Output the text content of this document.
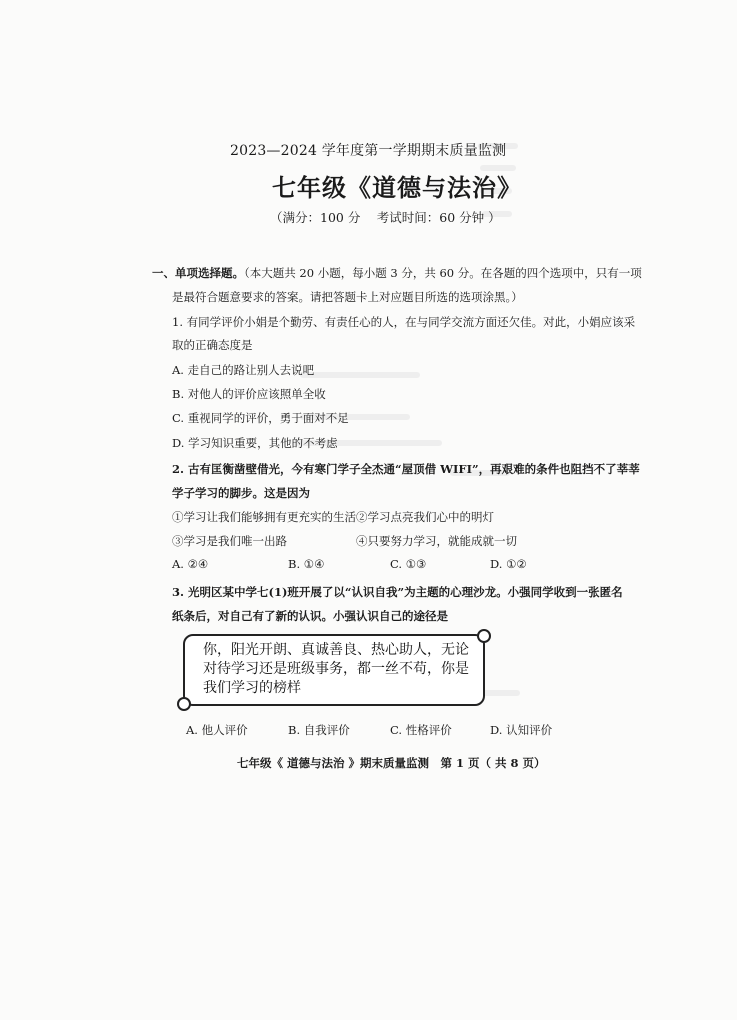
2023—2024 学年度第一学期期末质量监测
七年级《道德与法治》
（满分：100 分　 考试时间：60 分钟 ）
一、单项选择题。（本大题共 20 小题，每小题 3 分，共 60 分。在各题的四个选项中，只有一项
是最符合题意要求的答案。请把答题卡上对应题目所选的选项涂黑。）
1. 有同学评价小娟是个勤劳、有责任心的人，在与同学交流方面还欠佳。对此，小娟应该采
取的正确态度是
A. 走自己的路让别人去说吧
B. 对他人的评价应该照单全收
C. 重视同学的评价，勇于面对不足
D. 学习知识重要，其他的不考虑
2. 古有匡衡凿壁借光，今有寒门学子全杰通“屋顶借 WIFI”，再艰难的条件也阻挡不了莘莘
学子学习的脚步。这是因为
①学习让我们能够拥有更充实的生活 ②学习点亮我们心中的明灯
③学习是我们唯一出路	④只要努力学习，就能成就一切
A. ②④	B. ①④	C. ①③	D. ①②
3. 光明区某中学七(1)班开展了以“认识自我”为主题的心理沙龙。小强同学收到一张匿名
纸条后，对自己有了新的认识。小强认识自己的途径是
你，阳光开朗、真诚善良、热心助人，无论对待学习还是班级事务，都一丝不苟，你是我们学习的榜样
A. 他人评价	B. 自我评价	C. 性格评价	D. 认知评价
七年级《 道德与法治 》期末质量监测　第 1 页（ 共 8 页）
